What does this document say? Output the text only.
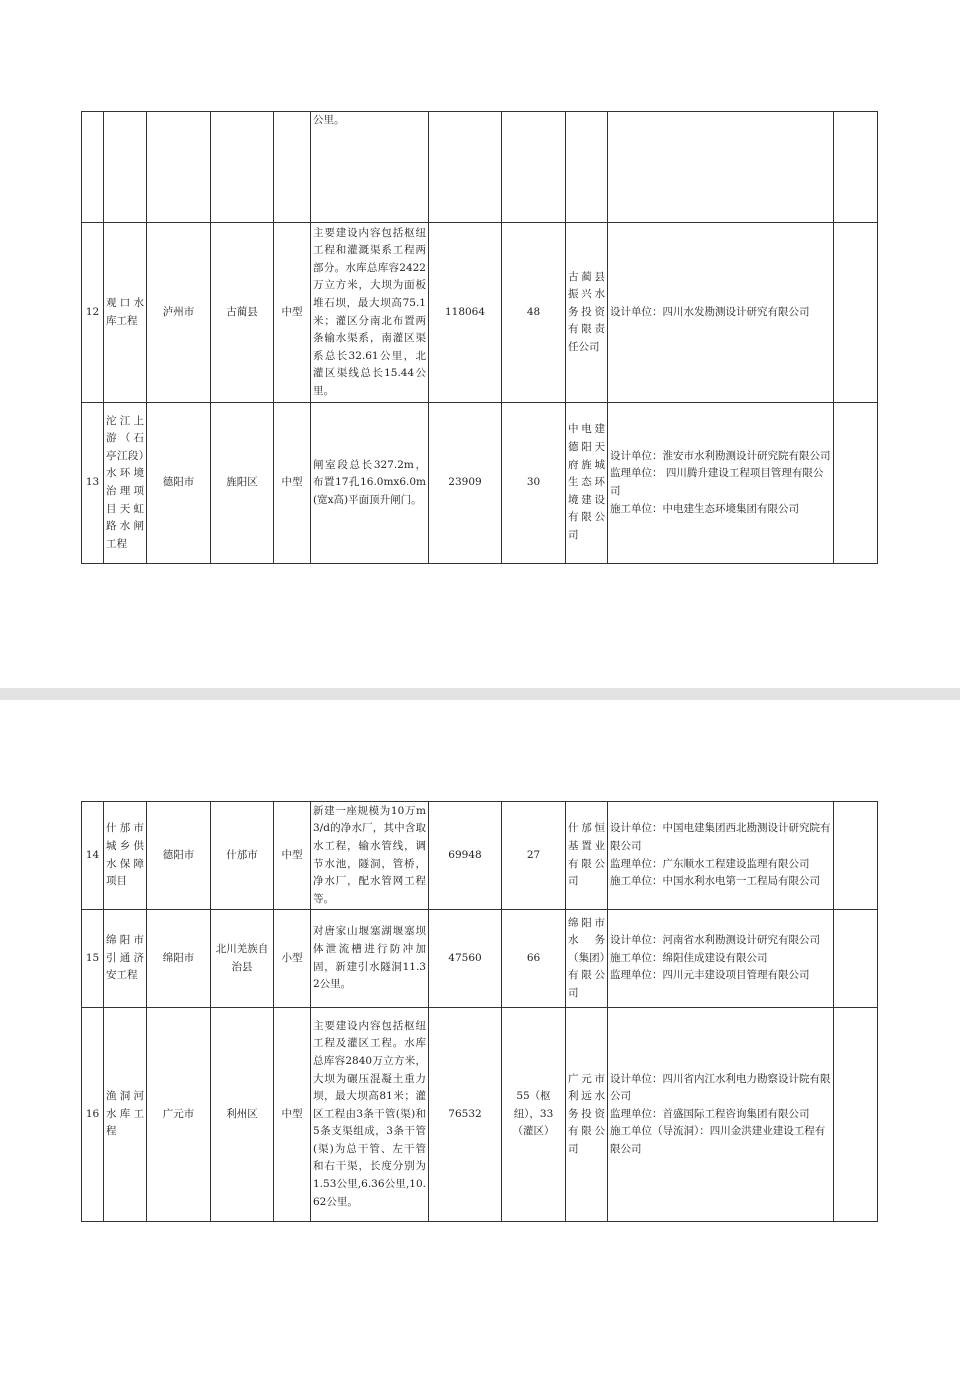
					公里。					
12	观口水库工程	泸州市	古蔺县	中型	主要建设内容包括枢纽工程和灌溉渠系工程两部分。水库总库容2422万立方米，大坝为面板堆石坝，最大坝高75.1米；灌区分南北布置两条输水渠系，南灌区渠系总长32.61公里，北灌区渠线总长15.44公里。	118064	48	古蔺县振兴水务投资有限责任公司	设计单位：四川水发勘测设计研究有限公司	

13	沱江上游（石亭江段）水环境治理项目天虹路水闸工程	德阳市	旌阳区	中型	闸室段总长327.2m，布置17孔16.0mx6.0m(宽x高)平面顶升闸门。	23909	30	中电建德阳天府旌城生态环境建设有限公司	设计单位：淮安市水利勘测设计研究院有限公司
监理单位： 四川腾升建设工程项目管理有限公司
施工单位：中电建生态环境集团有限公司	

14	什邡市城乡供水保障项目	德阳市	什邡市	中型	新建一座规模为10万m3/d的净水厂，其中含取水工程，输水管线，调节水池，隧洞，管桥，净水厂，配水管网工程等。	69948	27	什邡恒基置业有限公司	设计单位：中国电建集团西北勘测设计研究院有限公司
监理单位：广东顺水工程建设监理有限公司
施工单位：中国水利水电第一工程局有限公司	

15	绵阳市引通济安工程	绵阳市	北川羌族自治县	小型	对唐家山堰塞湖堰塞坝体泄流槽进行防冲加固，新建引水隧洞11.32公里。	47560	66	绵阳市水务（集团）有限公司	设计单位：河南省水利勘测设计研究有限公司
施工单位：绵阳佳成建设有限公司
监理单位：四川元丰建设项目管理有限公司	

16	渔洞河水库工程	广元市	利州区	中型	主要建设内容包括枢纽工程及灌区工程。水库总库容2840万立方米，大坝为碾压混凝土重力坝，最大坝高81米；灌区工程由3条干管(渠)和5条支渠组成，3条干管(渠)为总干管、左干管和右干渠，长度分别为1.53公里,6.36公里,10.62公里。	76532	55（枢纽），33（灌区）	广元市利远水务投资有限公司	设计单位：四川省内江水利电力勘察设计院有限公司
监理单位：首盛国际工程咨询集团有限公司
施工单位（导流洞）：四川金洪建业建设工程有限公司	
